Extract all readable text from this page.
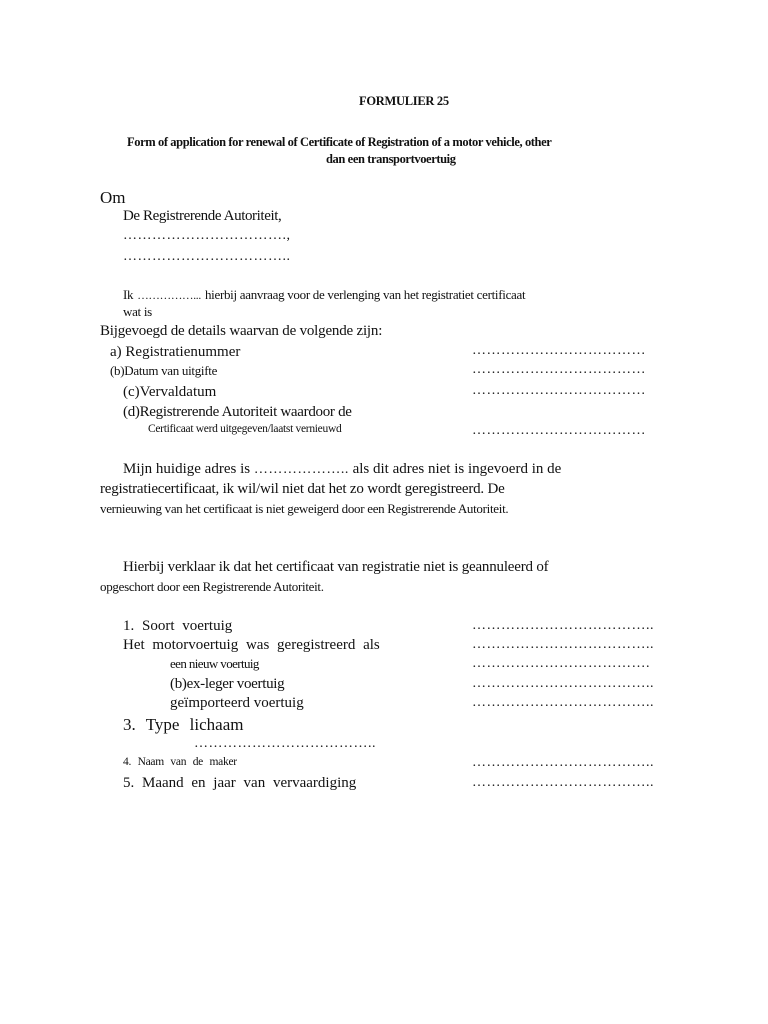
FORMULIER 25
Form of application for renewal of Certificate of Registration of a motor vehicle, other
dan een transportvoertuig
Om
De Registrerende Autoriteit,
…………………………….,
……………………………..
Ik ……………... hierbij aanvraag voor de verlenging van het registratiet certificaat
wat is
Bijgevoegd de details waarvan de volgende zijn:
a) Registratienummer	………………………………
(b)Datum van uitgifte	………………………………
(c)Vervaldatum	………………………………
(d)Registrerende Autoriteit waardoor de
Certificaat werd uitgegeven/laatst vernieuwd	………………………………
Mijn huidige adres is ……………….. als dit adres niet is ingevoerd in de
registratiecertificaat, ik wil/wil niet dat het zo wordt geregistreerd. De
vernieuwing van het certificaat is niet geweigerd door een Registrerende Autoriteit.
Hierbij verklaar ik dat het certificaat van registratie niet is geannuleerd of
opgeschort door een Registrerende Autoriteit.
1. Soort voertuig	………………………………..
Het motorvoertuig was geregistreerd als	………………………………..
een nieuw voertuig	……………………………….
(b)ex-leger voertuig	………………………………..
geïmporteerd voertuig	………………………………..
3. Type lichaam
………………………………..
4. Naam van de maker	………………………………..
5. Maand en jaar van vervaardiging	………………………………..
